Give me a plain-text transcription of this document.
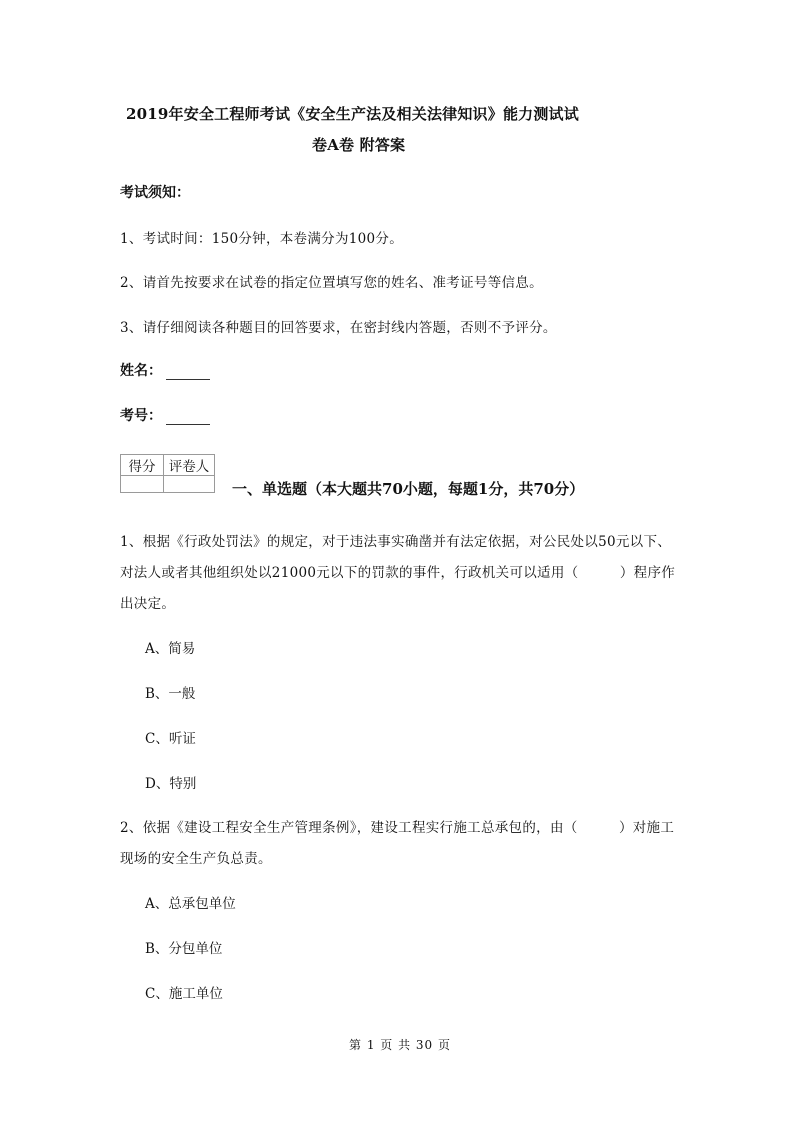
2019年安全工程师考试《安全生产法及相关法律知识》能力测试试
卷A卷 附答案
考试须知：
1、考试时间：150分钟，本卷满分为100分。
2、请首先按要求在试卷的指定位置填写您的姓名、准考证号等信息。
3、请仔细阅读各种题目的回答要求，在密封线内答题，否则不予评分。
姓名：
考号：
得分	评卷人

一、单选题（本大题共70小题，每题1分，共70分）
1、根据《行政处罚法》的规定，对于违法事实确凿并有法定依据，对公民处以50元以下、
对法人或者其他组织处以21000元以下的罚款的事件，行政机关可以适用（　　　）程序作
出决定。
A、简易
B、一般
C、听证
D、特别
2、依据《建设工程安全生产管理条例》，建设工程实行施工总承包的，由（　　　）对施工
现场的安全生产负总责。
A、总承包单位
B、分包单位
C、施工单位
第 1 页 共 30 页
